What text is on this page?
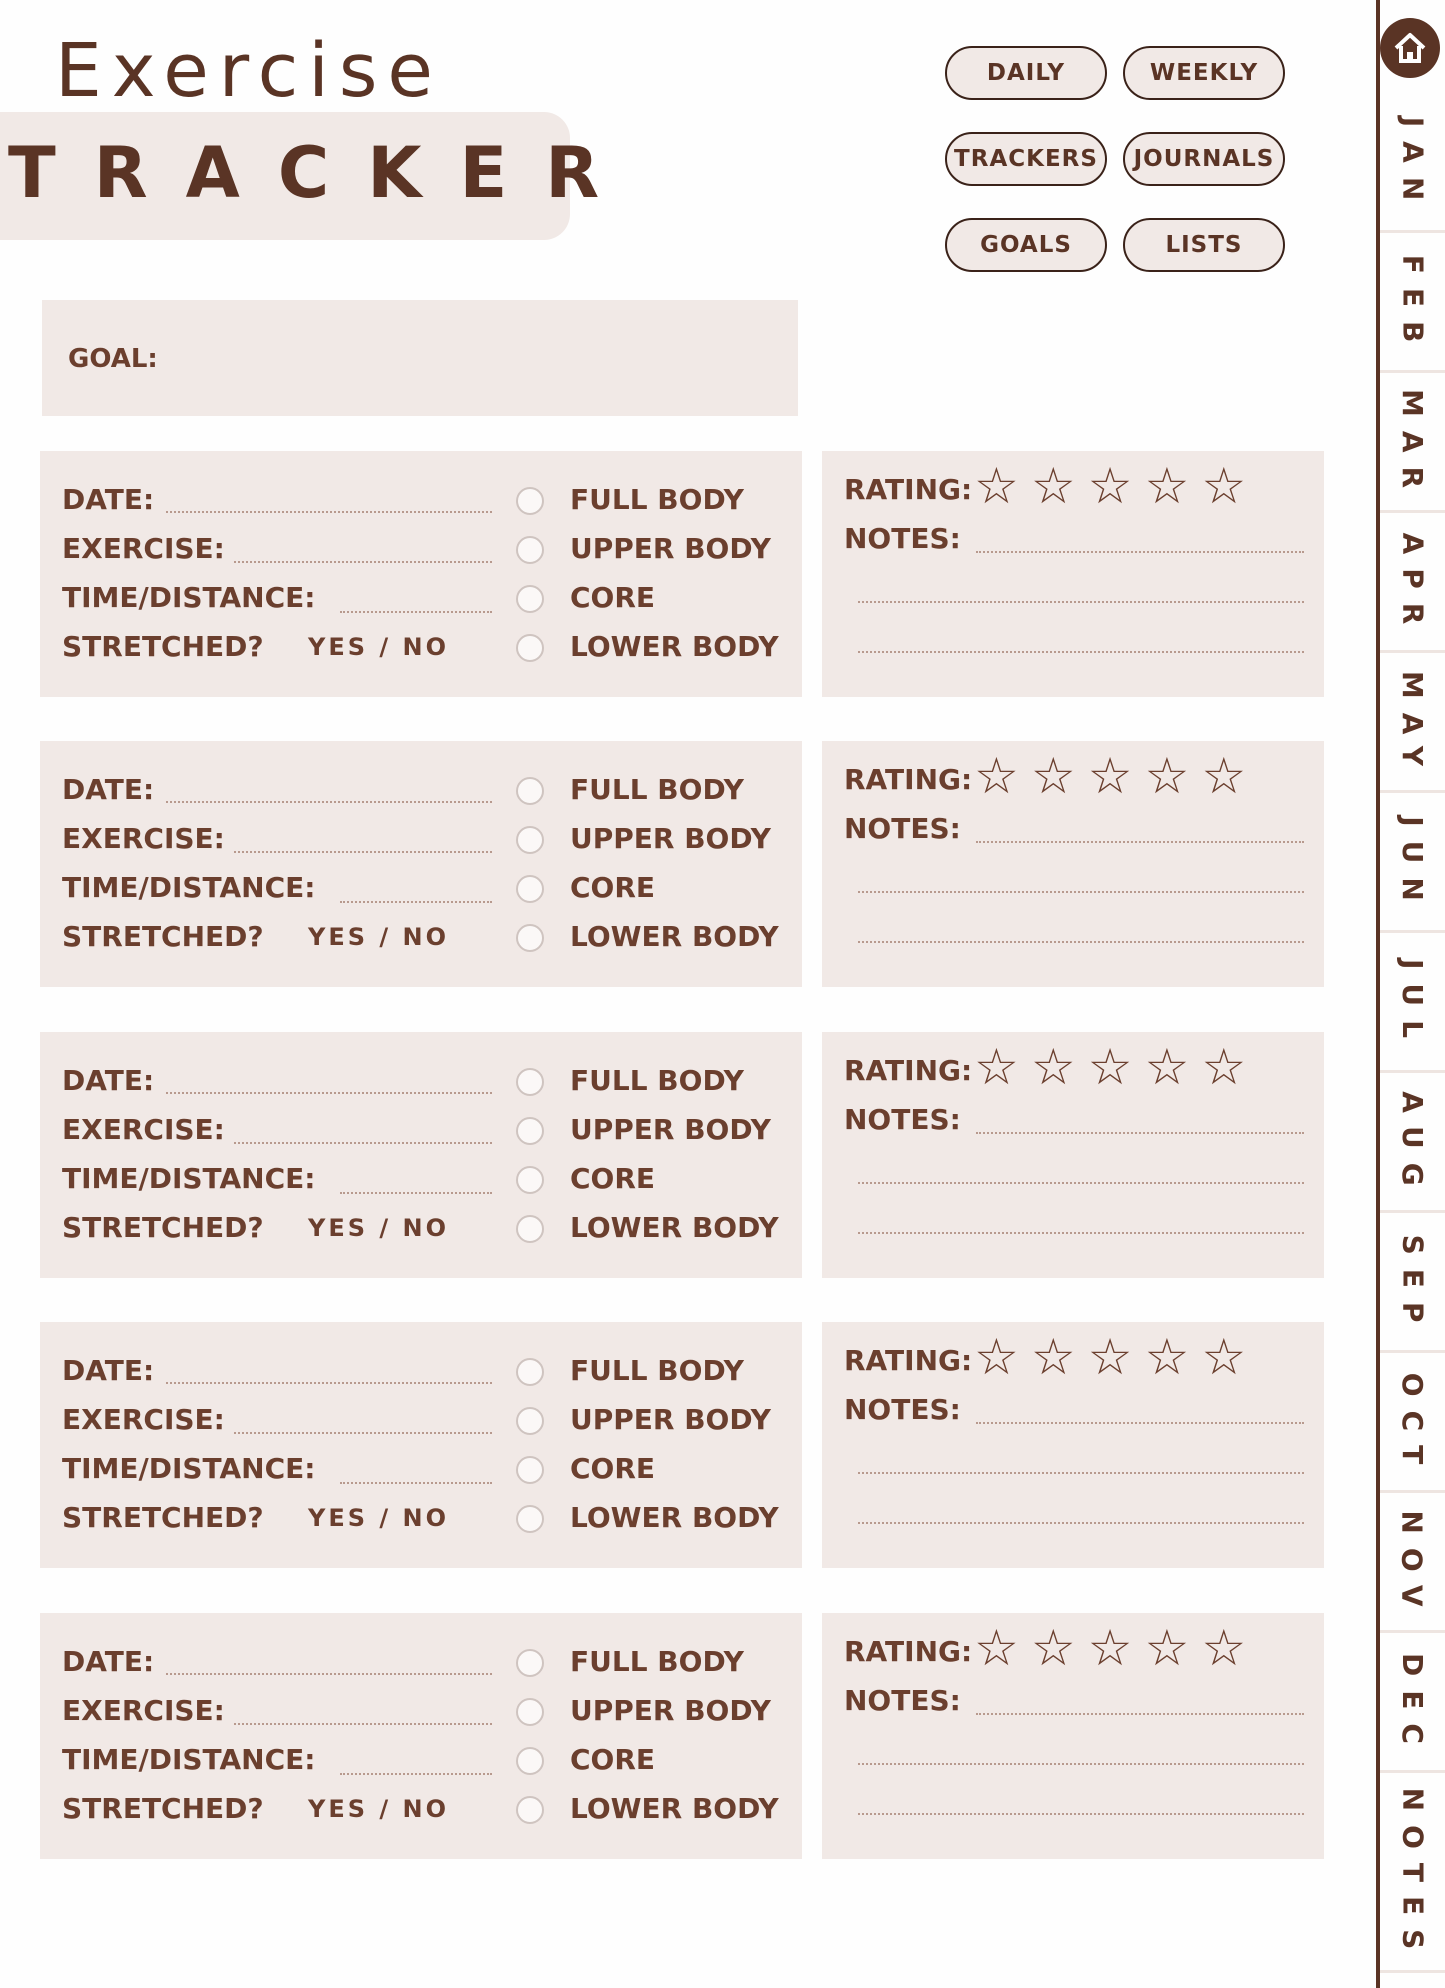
Exercise
TRACKER
DAILY	WEEKLY
TRACKERS	JOURNALS
GOALS	LISTS
GOAL:
DATE:
EXERCISE:
TIME/DISTANCE:
STRETCHED? YES / NO
FULL BODY
UPPER BODY
CORE
LOWER BODY
RATING: ☆ ☆ ☆ ☆ ☆
NOTES:
DATE:
EXERCISE:
TIME/DISTANCE:
STRETCHED? YES / NO
FULL BODY
UPPER BODY
CORE
LOWER BODY
RATING: ☆ ☆ ☆ ☆ ☆
NOTES:
DATE:
EXERCISE:
TIME/DISTANCE:
STRETCHED? YES / NO
FULL BODY
UPPER BODY
CORE
LOWER BODY
RATING: ☆ ☆ ☆ ☆ ☆
NOTES:
DATE:
EXERCISE:
TIME/DISTANCE:
STRETCHED? YES / NO
FULL BODY
UPPER BODY
CORE
LOWER BODY
RATING: ☆ ☆ ☆ ☆ ☆
NOTES:
DATE:
EXERCISE:
TIME/DISTANCE:
STRETCHED? YES / NO
FULL BODY
UPPER BODY
CORE
LOWER BODY
RATING: ☆ ☆ ☆ ☆ ☆
NOTES:
JAN
FEB
MAR
APR
MAY
JUN
JUL
AUG
SEP
OCT
NOV
DEC
NOTES
